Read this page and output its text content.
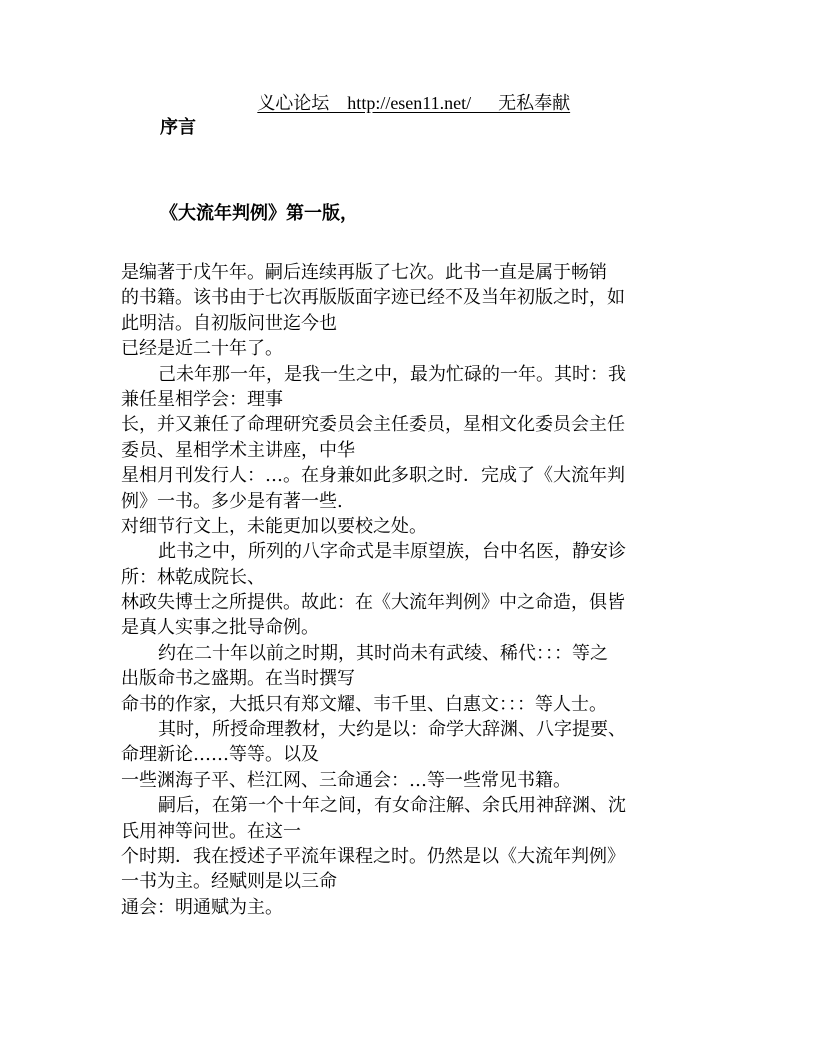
义心论坛    http://esen11.net/      无私奉献

序言
《大流年判例》第一版，
是编著于戊午年。嗣后连续再版了七次。此书一直是属于畅销
的书籍。该书由于七次再版版面字迹已经不及当年初版之时，如
此明洁。自初版问世迄今也
已经是近二十年了。
己未年那一年，是我一生之中，最为忙碌的一年。其时：我
兼任星相学会：理事
长，并又兼任了命理研究委员会主任委员，星相文化委员会主任
委员、星相学术主讲座，中华
星相月刊发行人：…。在身兼如此多职之时．完成了《大流年判
例》一书。多少是有著一些.
对细节行文上，未能更加以要校之处。
此书之中，所列的八字命式是丰原望族，台中名医，静安诊
所：林乾成院长、
林政失博士之所提供。故此：在《大流年判例》中之命造，俱皆
是真人实事之批导命例。
约在二十年以前之时期，其时尚未有武绫、稀代：：：等之
出版命书之盛期。在当时撰写
命书的作家，大抵只有郑文耀、韦千里、白惠文：：：等人士。
其时，所授命理教材，大约是以：命学大辞渊、八字提要、
命理新论……等等。以及
一些渊海子平、栏江网、三命通会：…等一些常见书籍。
嗣后，在第一个十年之间，有女命注解、余氏用神辞渊、沈
氏用神等问世。在这一
个时期．我在授述子平流年课程之时。仍然是以《大流年判例》
一书为主。经赋则是以三命
通会：明通赋为主。
